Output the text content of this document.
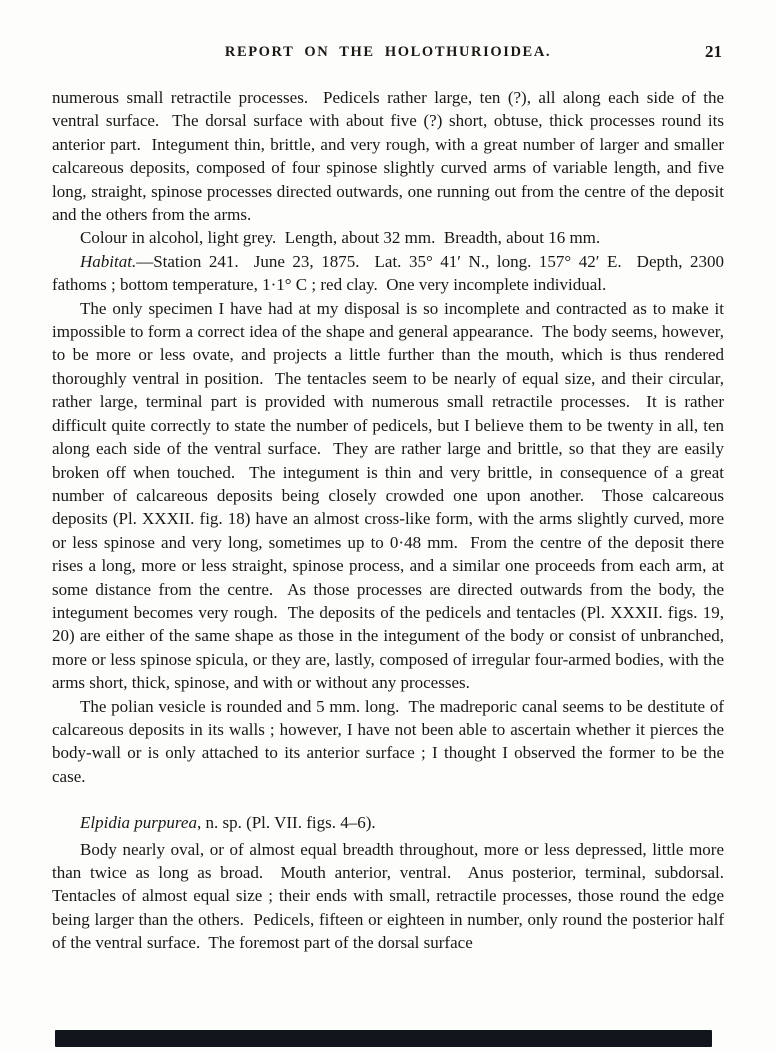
REPORT ON THE HOLOTHURIOIDEA.	21

numerous small retractile processes.  Pedicels rather large, ten (?), all along each side of the ventral surface.  The dorsal surface with about five (?) short, obtuse, thick processes round its anterior part.  Integument thin, brittle, and very rough, with a great number of larger and smaller calcareous deposits, composed of four spinose slightly curved arms of variable length, and five long, straight, spinose processes directed outwards, one running out from the centre of the deposit and the others from the arms.

Colour in alcohol, light grey.  Length, about 32 mm.  Breadth, about 16 mm.

Habitat.—Station 241.  June 23, 1875.  Lat. 35° 41′ N., long. 157° 42′ E.  Depth, 2300 fathoms ; bottom temperature, 1·1° C ; red clay.  One very incomplete individual.

The only specimen I have had at my disposal is so incomplete and contracted as to make it impossible to form a correct idea of the shape and general appearance.  The body seems, however, to be more or less ovate, and projects a little further than the mouth, which is thus rendered thoroughly ventral in position.  The tentacles seem to be nearly of equal size, and their circular, rather large, terminal part is provided with numerous small retractile processes.  It is rather difficult quite correctly to state the number of pedicels, but I believe them to be twenty in all, ten along each side of the ventral surface.  They are rather large and brittle, so that they are easily broken off when touched.  The integument is thin and very brittle, in consequence of a great number of calcareous deposits being closely crowded one upon another.  Those calcareous deposits (Pl. XXXII. fig. 18) have an almost cross-like form, with the arms slightly curved, more or less spinose and very long, sometimes up to 0·48 mm.  From the centre of the deposit there rises a long, more or less straight, spinose process, and a similar one proceeds from each arm, at some distance from the centre.  As those processes are directed outwards from the body, the integument becomes very rough.  The deposits of the pedicels and tentacles (Pl. XXXII. figs. 19, 20) are either of the same shape as those in the integument of the body or consist of unbranched, more or less spinose spicula, or they are, lastly, composed of irregular four-armed bodies, with the arms short, thick, spinose, and with or without any processes.

The polian vesicle is rounded and 5 mm. long.  The madreporic canal seems to be destitute of calcareous deposits in its walls ; however, I have not been able to ascertain whether it pierces the body-wall or is only attached to its anterior surface ; I thought I observed the former to be the case.

Elpidia purpurea, n. sp. (Pl. VII. figs. 4–6).

Body nearly oval, or of almost equal breadth throughout, more or less depressed, little more than twice as long as broad.  Mouth anterior, ventral.  Anus posterior, terminal, subdorsal.  Tentacles of almost equal size ; their ends with small, retractile processes, those round the edge being larger than the others.  Pedicels, fifteen or eighteen in number, only round the posterior half of the ventral surface.  The foremost part of the dorsal surface
